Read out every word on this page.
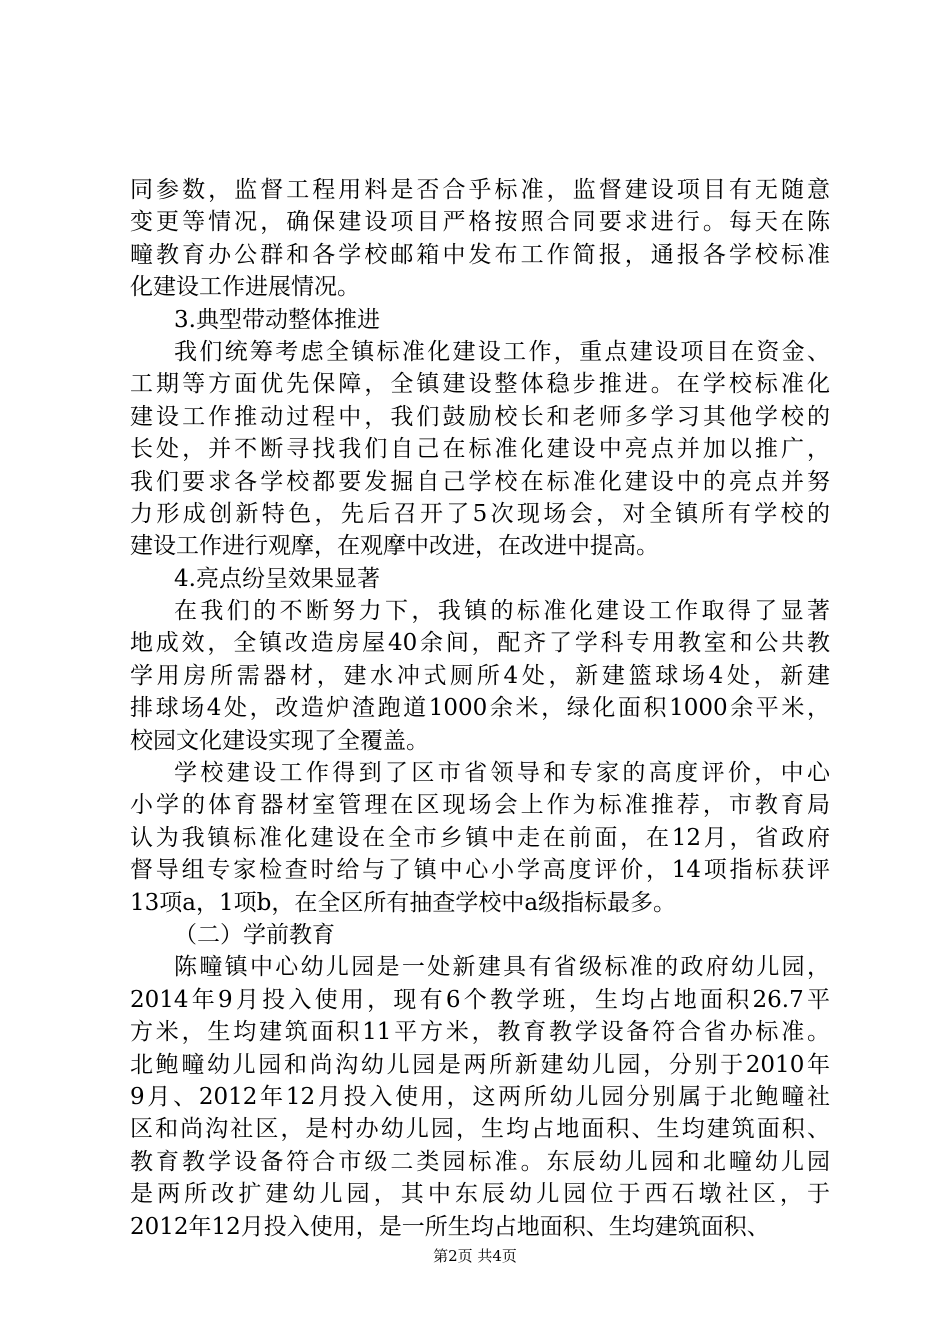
同参数，监督工程用料是否合乎标准，监督建设项目有无随意
变更等情况，确保建设项目严格按照合同要求进行。每天在陈
疃教育办公群和各学校邮箱中发布工作简报，通报各学校标准
化建设工作进展情况。
3.典型带动整体推进
我们统筹考虑全镇标准化建设工作，重点建设项目在资金、
工期等方面优先保障，全镇建设整体稳步推进。在学校标准化
建设工作推动过程中，我们鼓励校长和老师多学习其他学校的
长处，并不断寻找我们自己在标准化建设中亮点并加以推广，
我们要求各学校都要发掘自己学校在标准化建设中的亮点并努
力形成创新特色，先后召开了5次现场会，对全镇所有学校的
建设工作进行观摩，在观摩中改进，在改进中提高。
4.亮点纷呈效果显著
在我们的不断努力下，我镇的标准化建设工作取得了显著
地成效，全镇改造房屋40余间，配齐了学科专用教室和公共教
学用房所需器材，建水冲式厕所4处，新建篮球场4处，新建
排球场4处，改造炉渣跑道1000余米，绿化面积1000余平米，
校园文化建设实现了全覆盖。
学校建设工作得到了区市省领导和专家的高度评价，中心
小学的体育器材室管理在区现场会上作为标准推荐，市教育局
认为我镇标准化建设在全市乡镇中走在前面，在12月，省政府
督导组专家检查时给与了镇中心小学高度评价，14项指标获评
13项a，1项b，在全区所有抽查学校中a级指标最多。
（二）学前教育
陈疃镇中心幼儿园是一处新建具有省级标准的政府幼儿园，
2014年9月投入使用，现有6个教学班，生均占地面积26.7平
方米，生均建筑面积11平方米，教育教学设备符合省办标准。
北鲍疃幼儿园和尚沟幼儿园是两所新建幼儿园，分别于2010年
9月、2012年12月投入使用，这两所幼儿园分别属于北鲍疃社
区和尚沟社区，是村办幼儿园，生均占地面积、生均建筑面积、
教育教学设备符合市级二类园标准。东辰幼儿园和北疃幼儿园
是两所改扩建幼儿园，其中东辰幼儿园位于西石墩社区，于
2012年12月投入使用，是一所生均占地面积、生均建筑面积、
第2页 共4页
